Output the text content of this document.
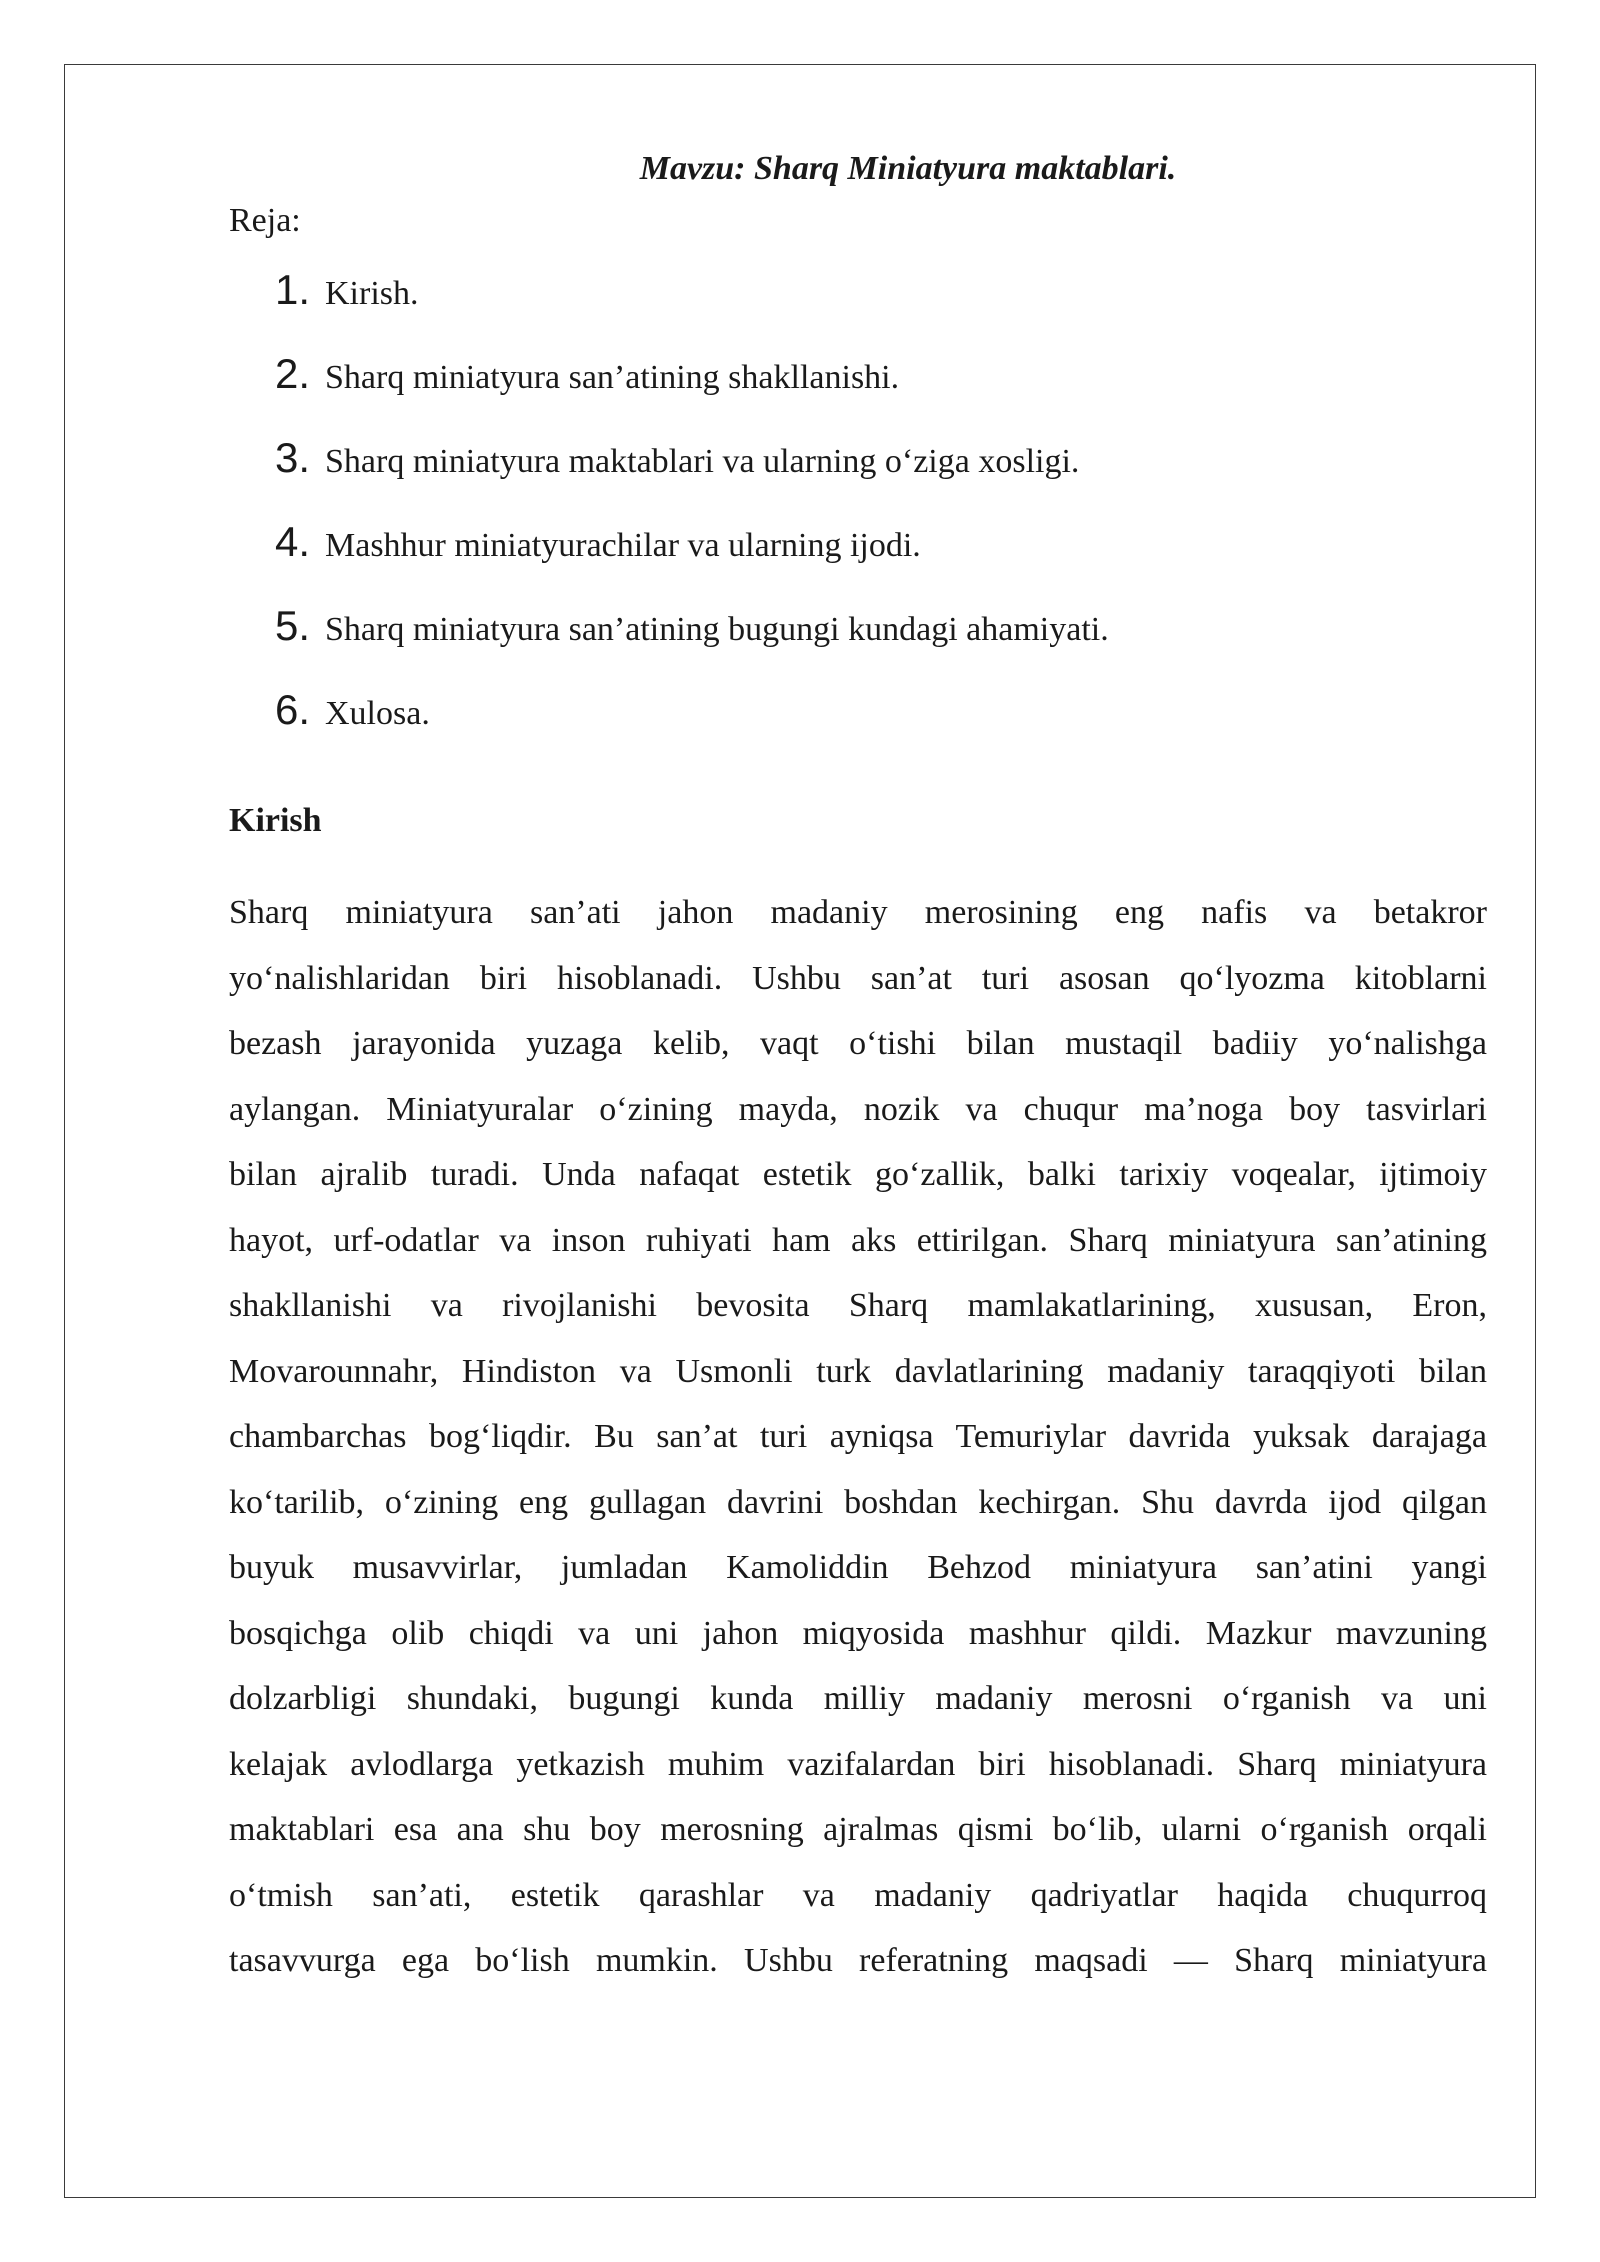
Mavzu: Sharq Miniatyura maktablari.
Reja:
1. Kirish.
2. Sharq miniatyura san’atining shakllanishi.
3. Sharq miniatyura maktablari va ularning o‘ziga xosligi.
4. Mashhur miniatyurachilar va ularning ijodi.
5. Sharq miniatyura san’atining bugungi kundagi ahamiyati.
6. Xulosa.
Kirish
Sharq miniatyura san’ati jahon madaniy merosining eng nafis va betakror
yo‘nalishlaridan biri hisoblanadi. Ushbu san’at turi asosan qo‘lyozma kitoblarni
bezash jarayonida yuzaga kelib, vaqt o‘tishi bilan mustaqil badiiy yo‘nalishga
aylangan. Miniatyuralar o‘zining mayda, nozik va chuqur ma’noga boy tasvirlari
bilan ajralib turadi. Unda nafaqat estetik go‘zallik, balki tarixiy voqealar, ijtimoiy
hayot, urf-odatlar va inson ruhiyati ham aks ettirilgan. Sharq miniatyura san’atining
shakllanishi va rivojlanishi bevosita Sharq mamlakatlarining, xususan, Eron,
Movarounnahr, Hindiston va Usmonli turk davlatlarining madaniy taraqqiyoti bilan
chambarchas bog‘liqdir. Bu san’at turi ayniqsa Temuriylar davrida yuksak darajaga
ko‘tarilib, o‘zining eng gullagan davrini boshdan kechirgan. Shu davrda ijod qilgan
buyuk musavvirlar, jumladan Kamoliddin Behzod miniatyura san’atini yangi
bosqichga olib chiqdi va uni jahon miqyosida mashhur qildi. Mazkur mavzuning
dolzarbligi shundaki, bugungi kunda milliy madaniy merosni o‘rganish va uni
kelajak avlodlarga yetkazish muhim vazifalardan biri hisoblanadi. Sharq miniatyura
maktablari esa ana shu boy merosning ajralmas qismi bo‘lib, ularni o‘rganish orqali
o‘tmish san’ati, estetik qarashlar va madaniy qadriyatlar haqida chuqurroq
tasavvurga ega bo‘lish mumkin. Ushbu referatning maqsadi — Sharq miniatyura
